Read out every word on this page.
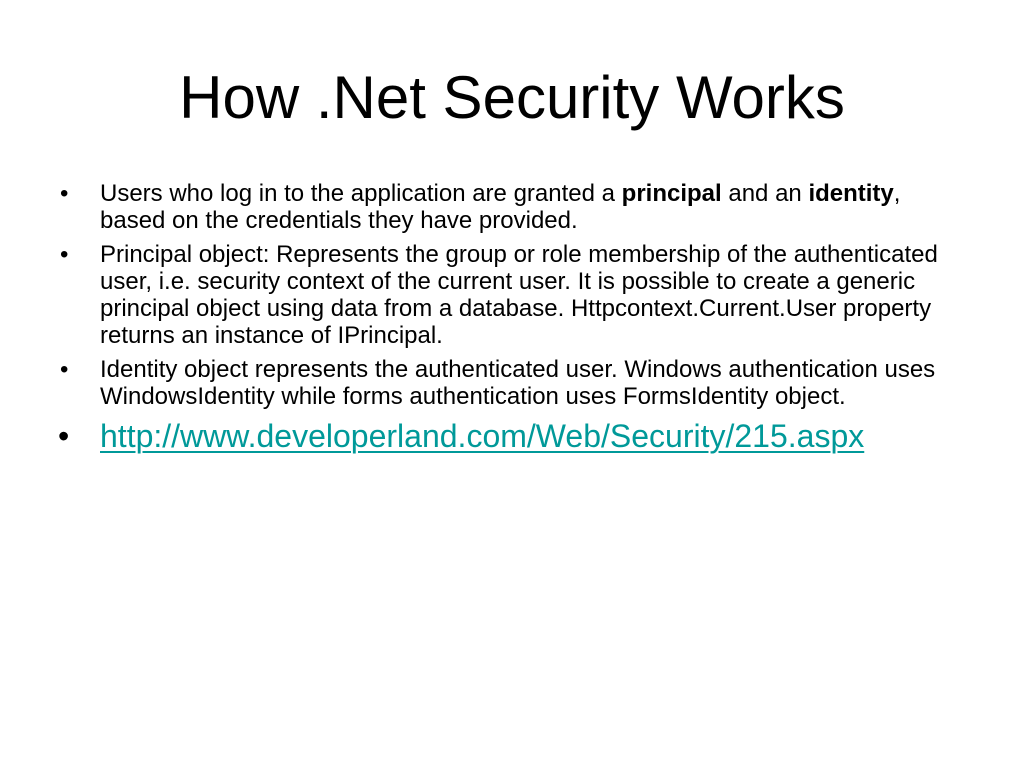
How .Net Security Works
•	Users who log in to the application are granted a principal and an identity, based on the credentials they have provided.
•	Principal object: Represents the group or role membership of the authenticated user, i.e. security context of the current user. It is possible to create a generic principal object using data from a database. Httpcontext.Current.User property returns an instance of IPrincipal.
•	Identity object represents the authenticated user. Windows authentication uses WindowsIdentity while forms authentication uses FormsIdentity object.
• http://www.developerland.com/Web/Security/215.aspx
